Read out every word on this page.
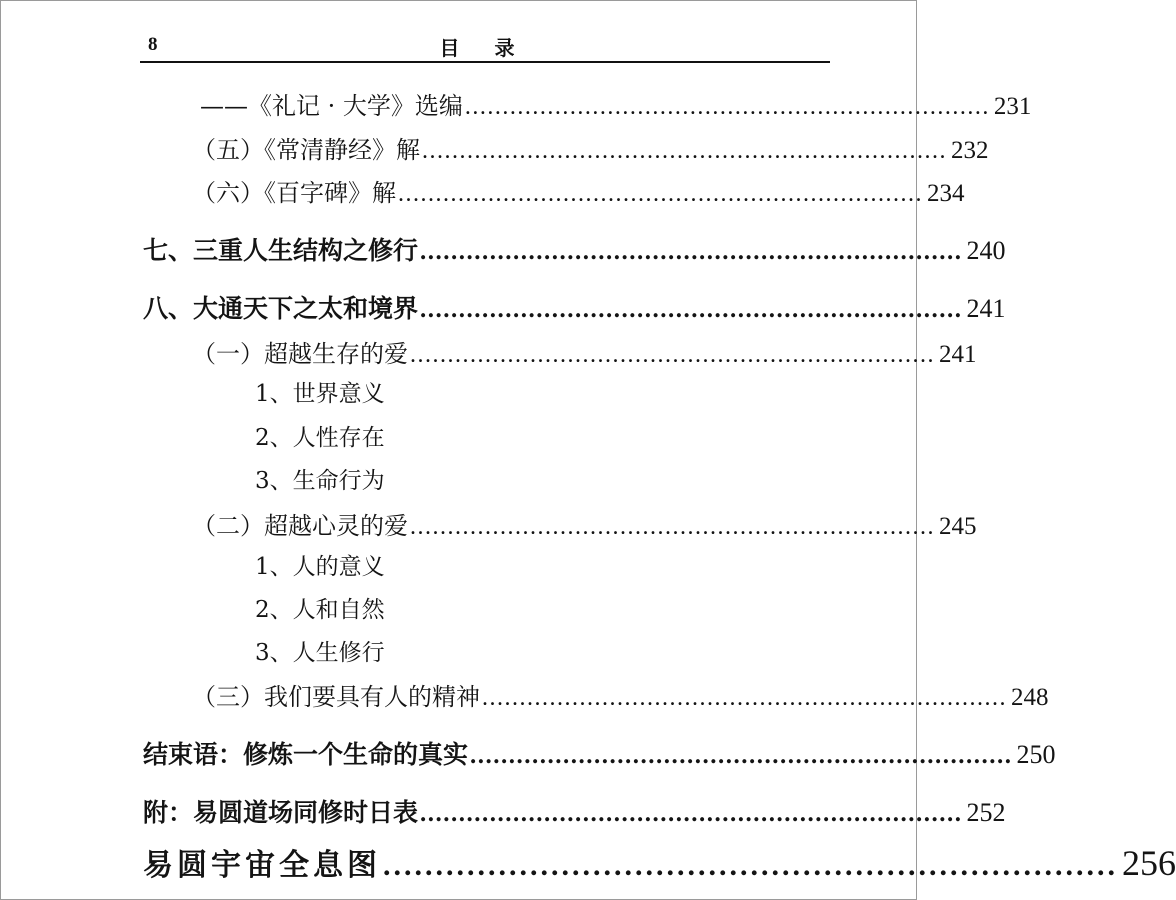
8	目 录
——《礼记 · 大学》选编 ...................................................................... 231
（五）《常清静经》解 ...................................................................... 232
（六）《百字碑》解 ...................................................................... 234
七、三重人生结构之修行 ...................................................................... 240
八、大通天下之太和境界 ...................................................................... 241
（一）超越生存的爱 ...................................................................... 241
1、世界意义
2、人性存在
3、生命行为
（二）超越心灵的爱 ...................................................................... 245
1、人的意义
2、人和自然
3、人生修行
（三）我们要具有人的精神 ...................................................................... 248
结束语：修炼一个生命的真实 ...................................................................... 250
附：易圆道场同修时日表 ...................................................................... 252
易圆宇宙全息图 ...................................................................... 256
